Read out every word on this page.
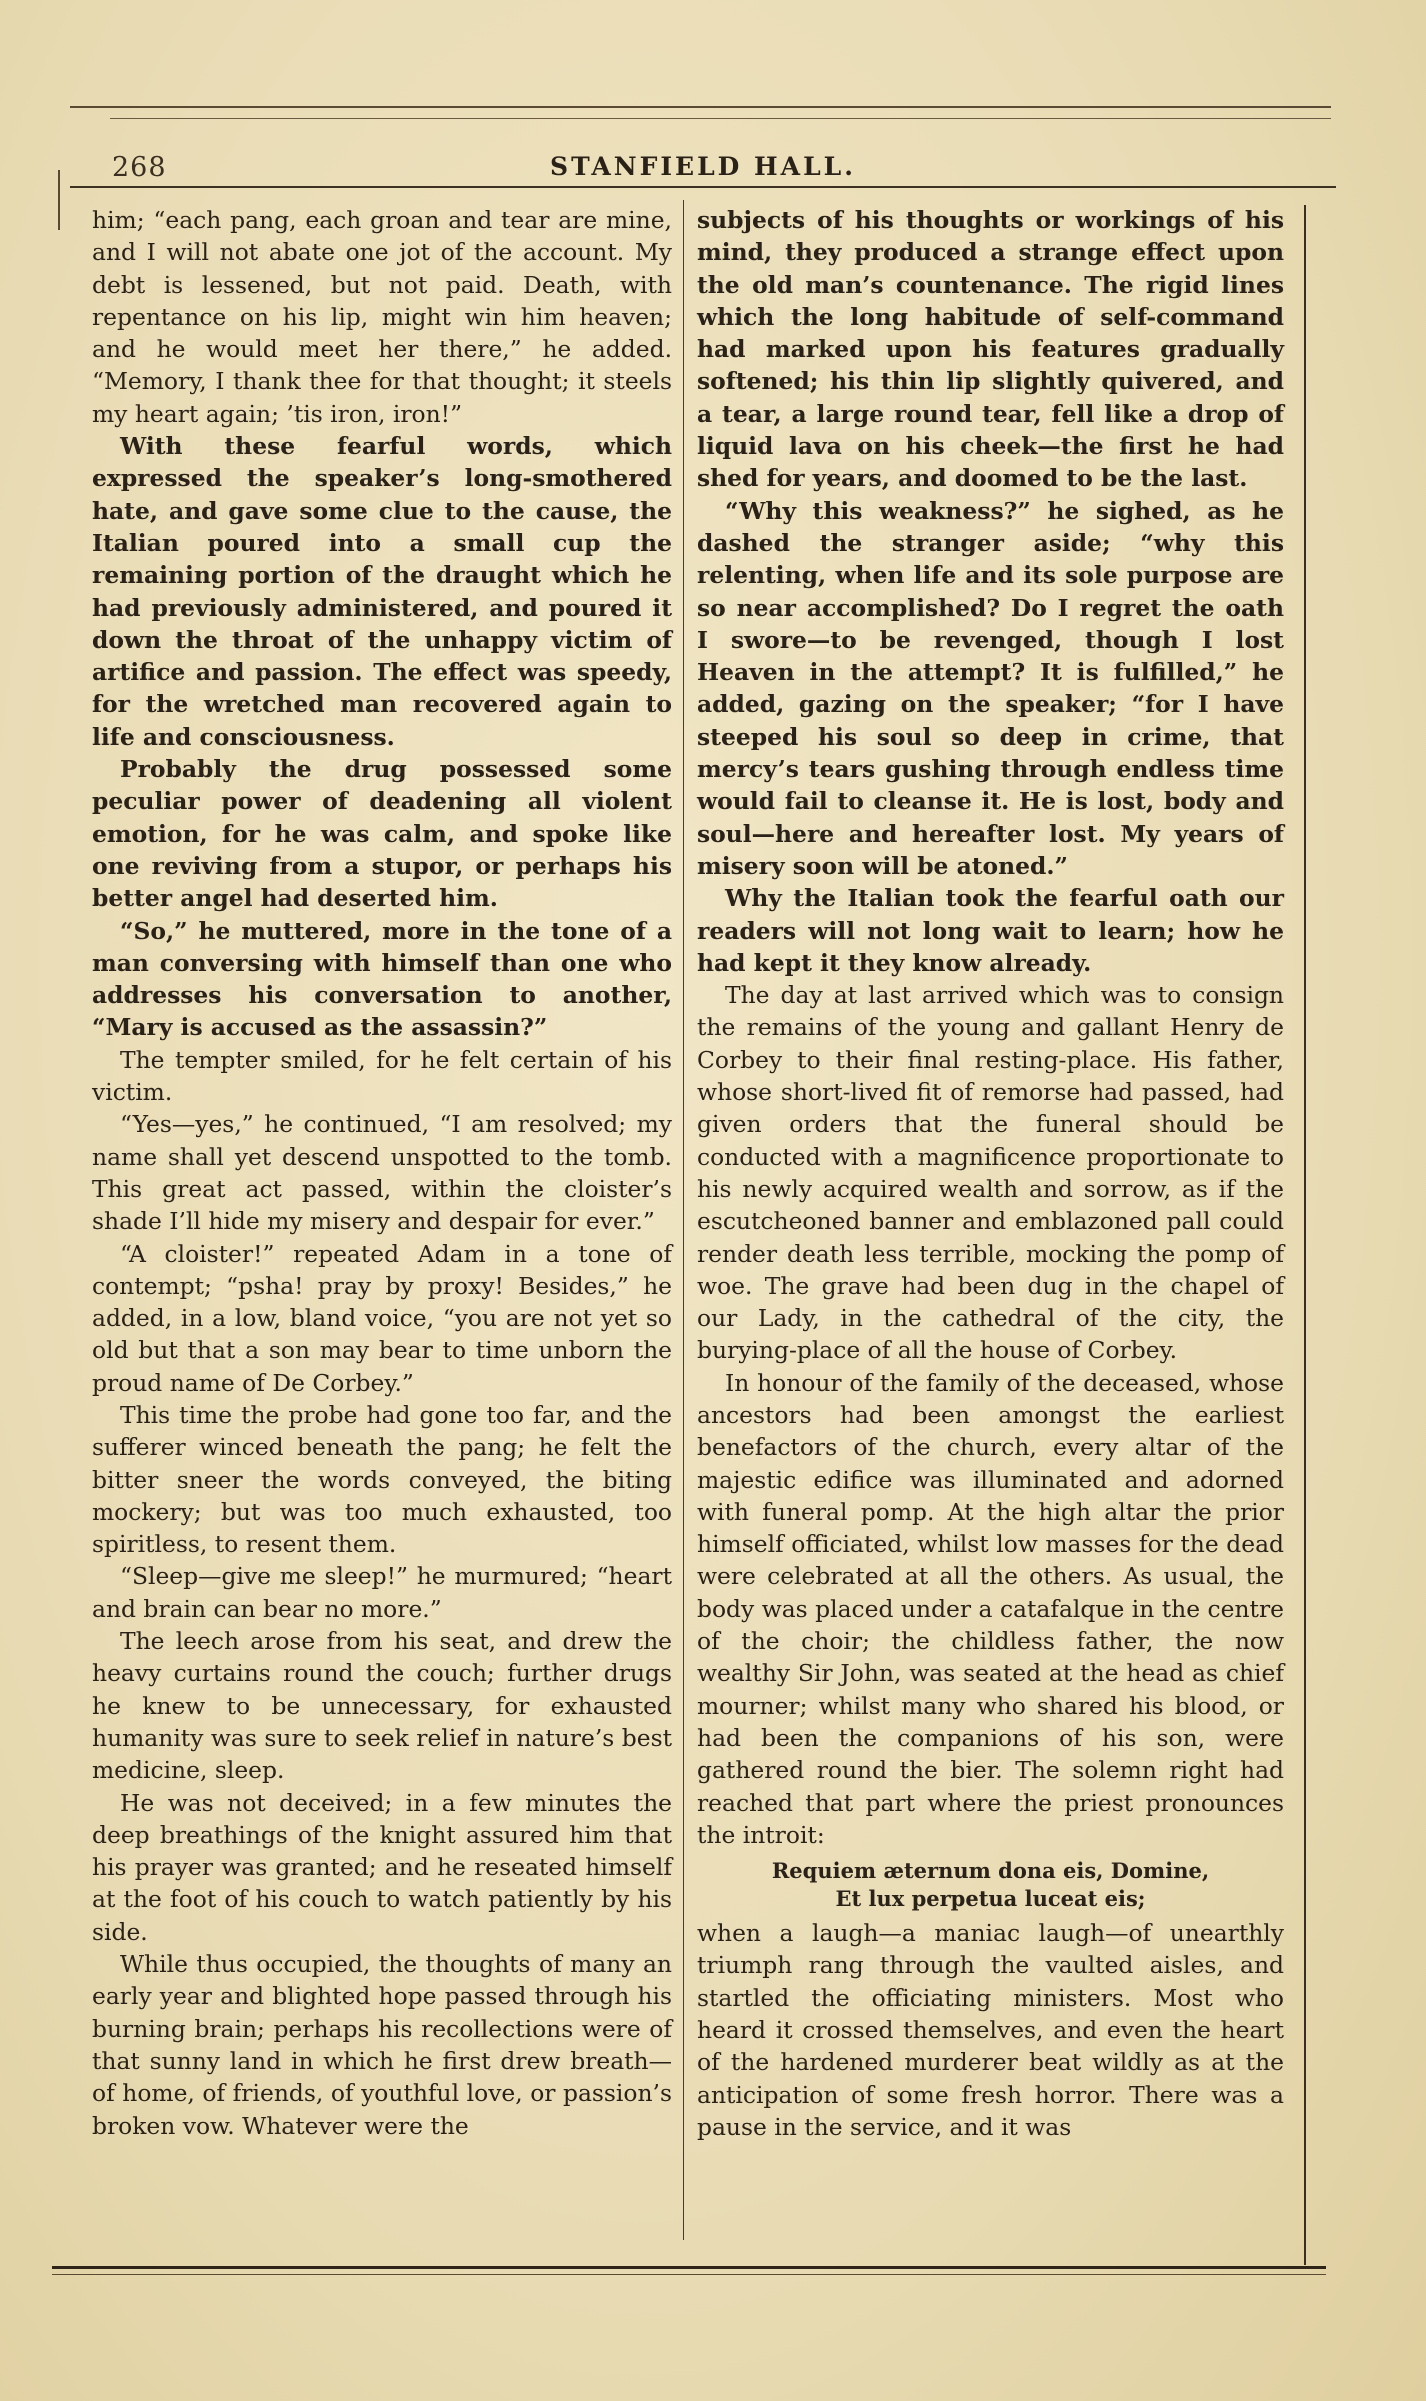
268	STANFIELD HALL.

him; “each pang, each groan and tear are mine, and I will not abate one jot of the account. My debt is lessened, but not paid. Death, with repentance on his lip, might win him heaven; and he would meet her there,” he added. “Memory, I thank thee for that thought; it steels my heart again; ’tis iron, iron!”

With these fearful words, which expressed the speaker’s long-smothered hate, and gave some clue to the cause, the Italian poured into a small cup the remaining portion of the draught which he had previously administered, and poured it down the throat of the unhappy victim of artifice and passion. The effect was speedy, for the wretched man recovered again to life and consciousness.

Probably the drug possessed some peculiar power of deadening all violent emotion, for he was calm, and spoke like one reviving from a stupor, or perhaps his better angel had deserted him.

“So,” he muttered, more in the tone of a man conversing with himself than one who addresses his conversation to another, “Mary is accused as the assassin?”

The tempter smiled, for he felt certain of his victim.

“Yes—yes,” he continued, “I am resolved; my name shall yet descend unspotted to the tomb. This great act passed, within the cloister’s shade I’ll hide my misery and despair for ever.”

“A cloister!” repeated Adam in a tone of contempt; “psha! pray by proxy! Besides,” he added, in a low, bland voice, “you are not yet so old but that a son may bear to time unborn the proud name of De Corbey.”

This time the probe had gone too far, and the sufferer winced beneath the pang; he felt the bitter sneer the words conveyed, the biting mockery; but was too much exhausted, too spiritless, to resent them.

“Sleep—give me sleep!” he murmured; “heart and brain can bear no more.”

The leech arose from his seat, and drew the heavy curtains round the couch; further drugs he knew to be unnecessary, for exhausted humanity was sure to seek relief in nature’s best medicine, sleep.

He was not deceived; in a few minutes the deep breathings of the knight assured him that his prayer was granted; and he reseated himself at the foot of his couch to watch patiently by his side.

While thus occupied, the thoughts of many an early year and blighted hope passed through his burning brain; perhaps his recollections were of that sunny land in which he first drew breath—of home, of friends, of youthful love, or passion’s broken vow. Whatever were the

subjects of his thoughts or workings of his mind, they produced a strange effect upon the old man’s countenance. The rigid lines which the long habitude of self-command had marked upon his features gradually softened; his thin lip slightly quivered, and a tear, a large round tear, fell like a drop of liquid lava on his cheek—the first he had shed for years, and doomed to be the last.

“Why this weakness?” he sighed, as he dashed the stranger aside; “why this relenting, when life and its sole purpose are so near accomplished? Do I regret the oath I swore—to be revenged, though I lost Heaven in the attempt? It is fulfilled,” he added, gazing on the speaker; “for I have steeped his soul so deep in crime, that mercy’s tears gushing through endless time would fail to cleanse it. He is lost, body and soul—here and hereafter lost. My years of misery soon will be atoned.”

Why the Italian took the fearful oath our readers will not long wait to learn; how he had kept it they know already.

The day at last arrived which was to consign the remains of the young and gallant Henry de Corbey to their final resting-place. His father, whose short-lived fit of remorse had passed, had given orders that the funeral should be conducted with a magnificence proportionate to his newly acquired wealth and sorrow, as if the escutcheoned banner and emblazoned pall could render death less terrible, mocking the pomp of woe. The grave had been dug in the chapel of our Lady, in the cathedral of the city, the burying-place of all the house of Corbey.

In honour of the family of the deceased, whose ancestors had been amongst the earliest benefactors of the church, every altar of the majestic edifice was illuminated and adorned with funeral pomp. At the high altar the prior himself officiated, whilst low masses for the dead were celebrated at all the others. As usual, the body was placed under a catafalque in the centre of the choir; the childless father, the now wealthy Sir John, was seated at the head as chief mourner; whilst many who shared his blood, or had been the companions of his son, were gathered round the bier. The solemn right had reached that part where the priest pronounces the introit:

Requiem æternum dona eis, Domine,
Et lux perpetua luceat eis;

when a laugh—a maniac laugh—of unearthly triumph rang through the vaulted aisles, and startled the officiating ministers. Most who heard it crossed themselves, and even the heart of the hardened murderer beat wildly as at the anticipation of some fresh horror. There was a pause in the service, and it was
